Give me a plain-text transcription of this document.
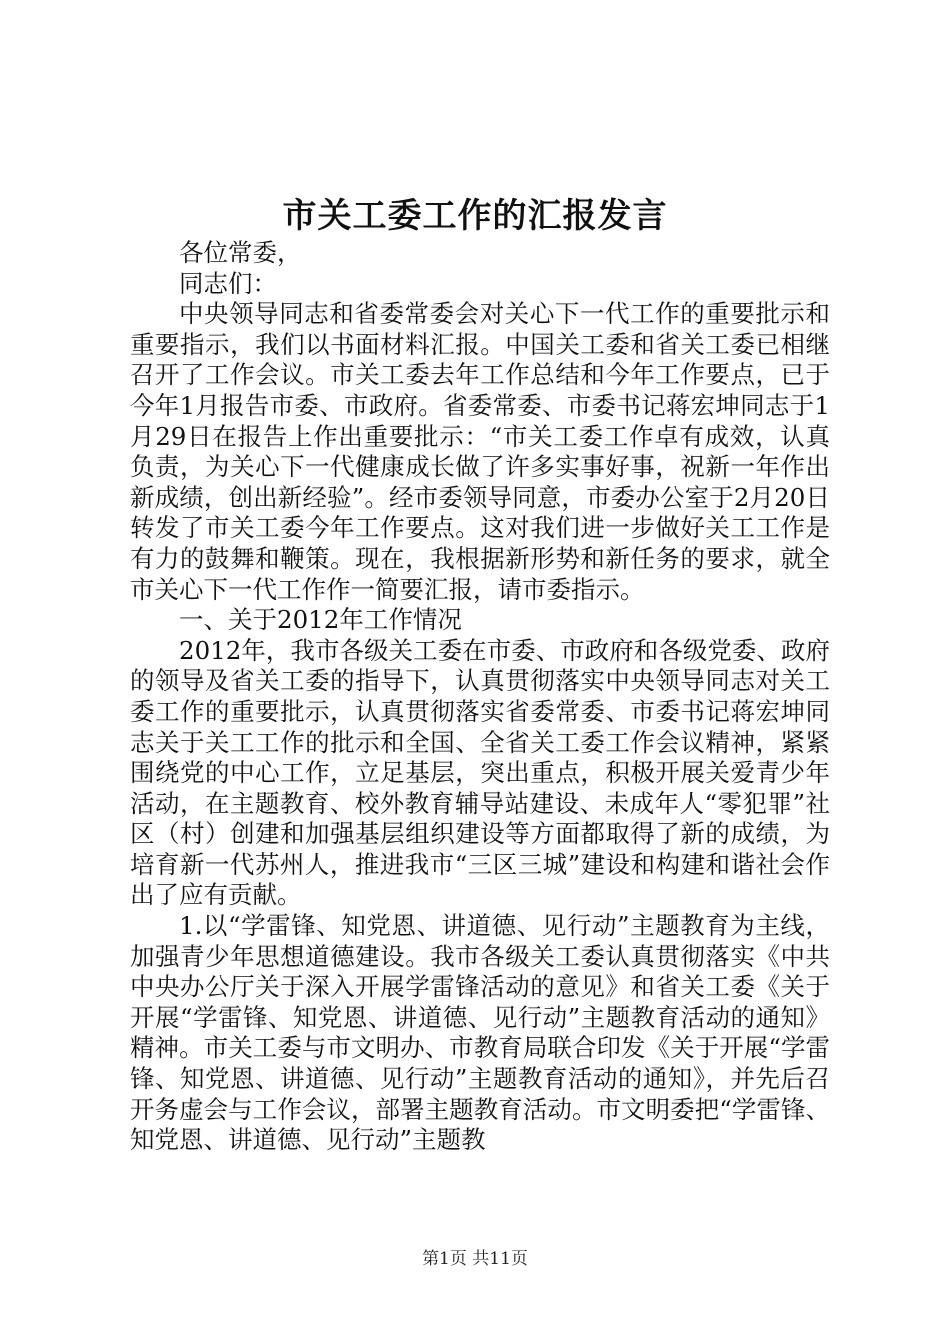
市关工委工作的汇报发言

各位常委，

同志们：

中央领导同志和省委常委会对关心下一代工作的重要批示和重要指示，我们以书面材料汇报。中国关工委和省关工委已相继召开了工作会议。市关工委去年工作总结和今年工作要点，已于今年1月报告市委、市政府。省委常委、市委书记蒋宏坤同志于1月29日在报告上作出重要批示：“市关工委工作卓有成效，认真负责，为关心下一代健康成长做了许多实事好事，祝新一年作出新成绩，创出新经验”。经市委领导同意，市委办公室于2月20日转发了市关工委今年工作要点。这对我们进一步做好关工工作是有力的鼓舞和鞭策。现在，我根据新形势和新任务的要求，就全市关心下一代工作作一简要汇报，请市委指示。

一、关于2012年工作情况

2012年，我市各级关工委在市委、市政府和各级党委、政府的领导及省关工委的指导下，认真贯彻落实中央领导同志对关工委工作的重要批示，认真贯彻落实省委常委、市委书记蒋宏坤同志关于关工工作的批示和全国、全省关工委工作会议精神，紧紧围绕党的中心工作，立足基层，突出重点，积极开展关爱青少年活动，在主题教育、校外教育辅导站建设、未成年人“零犯罪”社区（村）创建和加强基层组织建设等方面都取得了新的成绩，为培育新一代苏州人，推进我市“三区三城”建设和构建和谐社会作出了应有贡献。

1.以“学雷锋、知党恩、讲道德、见行动”主题教育为主线，加强青少年思想道德建设。我市各级关工委认真贯彻落实《中共中央办公厅关于深入开展学雷锋活动的意见》和省关工委《关于开展“学雷锋、知党恩、讲道德、见行动”主题教育活动的通知》精神。市关工委与市文明办、市教育局联合印发《关于开展“学雷锋、知党恩、讲道德、见行动”主题教育活动的通知》，并先后召开务虚会与工作会议，部署主题教育活动。市文明委把“学雷锋、知党恩、讲道德、见行动”主题教

第1页 共11页
